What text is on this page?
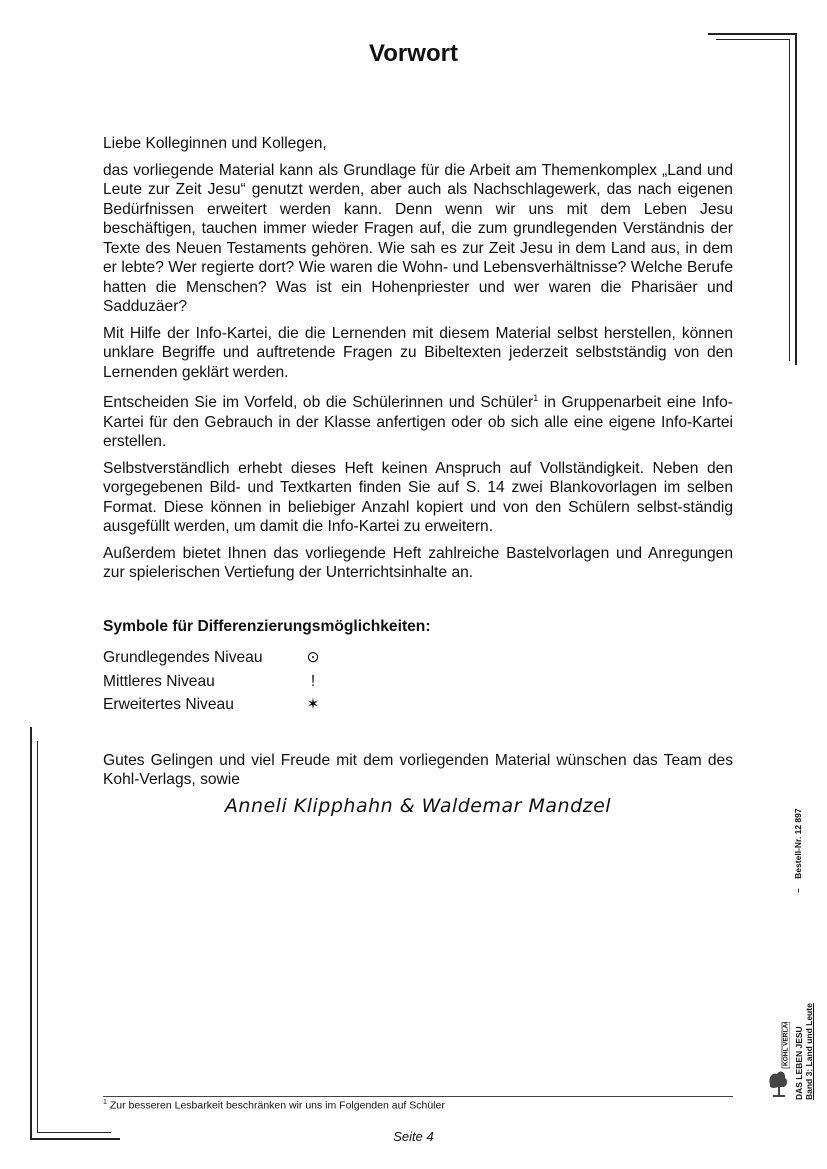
Vorwort

Liebe Kolleginnen und Kollegen,

das vorliegende Material kann als Grundlage für die Arbeit am Themenkomplex „Land und Leute zur Zeit Jesu“ genutzt werden, aber auch als Nachschlagewerk, das nach eigenen Bedürfnissen erweitert werden kann. Denn wenn wir uns mit dem Leben Jesu beschäftigen, tauchen immer wieder Fragen auf, die zum grundlegenden Verständnis der Texte des Neuen Testaments gehören. Wie sah es zur Zeit Jesu in dem Land aus, in dem er lebte? Wer regierte dort? Wie waren die Wohn- und Lebensverhältnisse? Welche Berufe hatten die Menschen? Was ist ein Hohenpriester und wer waren die Pharisäer und Sadduzäer?

Mit Hilfe der Info-Kartei, die die Lernenden mit diesem Material selbst herstellen, können unklare Begriffe und auftretende Fragen zu Bibeltexten jederzeit selbstständig von den Lernenden geklärt werden.

Entscheiden Sie im Vorfeld, ob die Schülerinnen und Schüler$^1$ in Gruppenarbeit eine Info-Kartei für den Gebrauch in der Klasse anfertigen oder ob sich alle eine eigene Info-Kartei erstellen.

Selbstverständlich erhebt dieses Heft keinen Anspruch auf Vollständigkeit. Neben den vorgegebenen Bild- und Textkarten finden Sie auf S. 14 zwei Blankovorlagen im selben Format. Diese können in beliebiger Anzahl kopiert und von den Schülern selbst-ständig ausgefüllt werden, um damit die Info-Kartei zu erweitern.

Außerdem bietet Ihnen das vorliegende Heft zahlreiche Bastelvorlagen und Anregungen zur spielerischen Vertiefung der Unterrichtsinhalte an.

Symbole für Differenzierungsmöglichkeiten:

Grundlegendes Niveau	⊙
Mittleres Niveau	!
Erweitertes Niveau	✶

Gutes Gelingen und viel Freude mit dem vorliegenden Material wünschen das Team des Kohl-Verlags, sowie

Anneli Klipphahn & Waldemar Mandzel
$^1$ Zur besseren Lesbarkeit beschränken wir uns im Folgenden auf Schüler
Seite 4
–    Bestell-Nr. 12 897
DAS LEBEN JESU Band 3: Land und Leute
KOHL VERLAG
